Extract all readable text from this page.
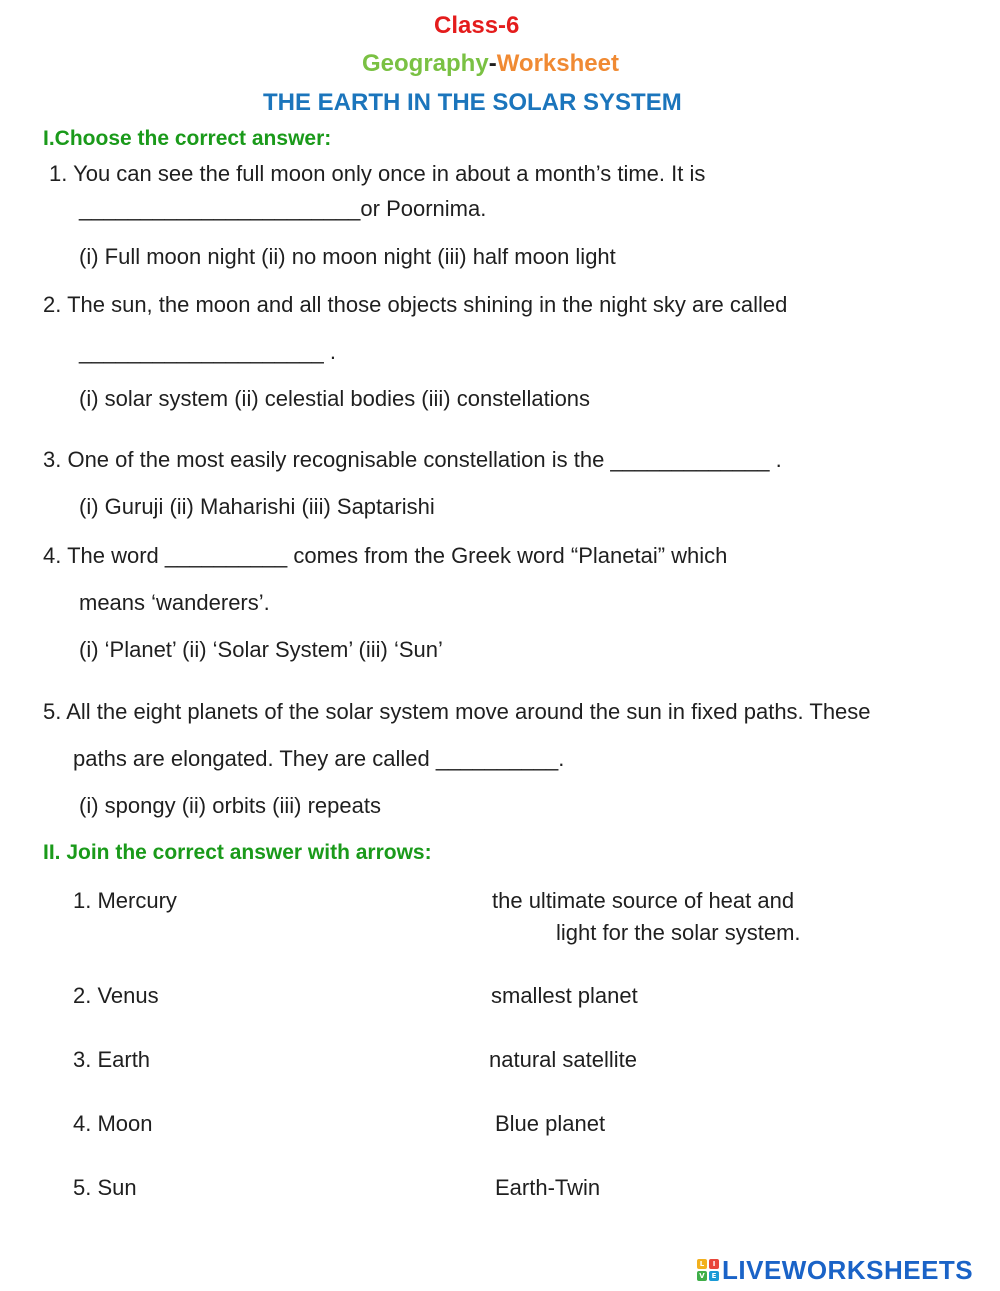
Class-6
Geography-Worksheet
THE EARTH IN THE SOLAR SYSTEM
I.Choose the correct answer:
1. You can see the full moon only once in about a month’s time. It is
_______________________or Poornima.
(i) Full moon night (ii) no moon night (iii) half moon light
2. The sun, the moon and all those objects shining in the night sky are called
____________________ .
(i) solar system (ii) celestial bodies (iii) constellations
3. One of the most easily recognisable constellation is the _____________ .
(i) Guruji (ii) Maharishi (iii) Saptarishi
4. The word __________ comes from the Greek word “Planetai” which
means ‘wanderers’.
(i) ‘Planet’ (ii) ‘Solar System’ (iii) ‘Sun’
5. All the eight planets of the solar system move around the sun in fixed paths. These
paths are elongated. They are called __________.
(i) spongy (ii) orbits (iii) repeats
II. Join the correct answer with arrows:
1. Mercury
2. Venus
3. Earth
4. Moon
5. Sun
the ultimate source of heat and
light for the solar system.
smallest planet
natural satellite
Blue planet
Earth-Twin
L	I
V E LIVEWORKSHEETS
